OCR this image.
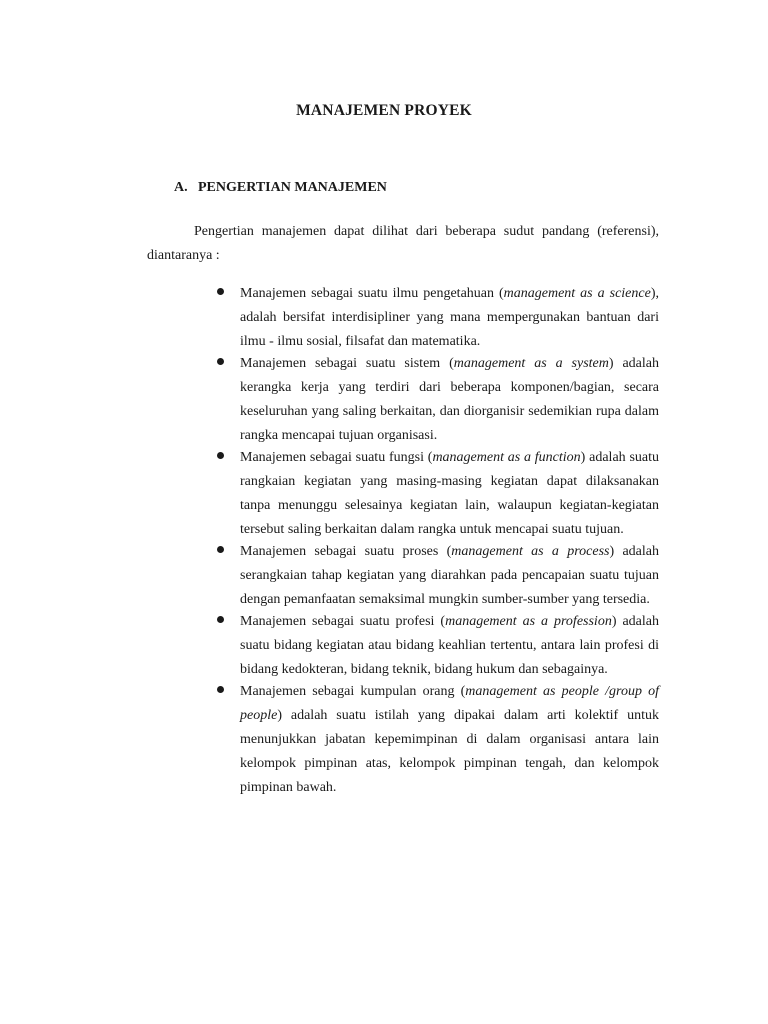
MANAJEMEN PROYEK
A. PENGERTIAN MANAJEMEN

Pengertian manajemen dapat dilihat dari beberapa sudut pandang (referensi), diantaranya :

Manajemen sebagai suatu ilmu pengetahuan (management as a science), adalah bersifat interdisipliner yang mana mempergunakan bantuan dari ilmu - ilmu sosial, filsafat dan matematika.
Manajemen sebagai suatu sistem (management as a system) adalah kerangka kerja yang terdiri dari beberapa komponen/bagian, secara keseluruhan yang saling berkaitan, dan diorganisir sedemikian rupa dalam rangka mencapai tujuan organisasi.
Manajemen sebagai suatu fungsi (management as a function) adalah suatu rangkaian kegiatan yang masing-masing kegiatan dapat dilaksanakan tanpa menunggu selesainya kegiatan lain, walaupun kegiatan-kegiatan tersebut saling berkaitan dalam rangka untuk mencapai suatu tujuan.
Manajemen sebagai suatu proses (management as a process) adalah serangkaian tahap kegiatan yang diarahkan pada pencapaian suatu tujuan dengan pemanfaatan semaksimal mungkin sumber-sumber yang tersedia.
Manajemen sebagai suatu profesi (management as a profession) adalah suatu bidang kegiatan atau bidang keahlian tertentu, antara lain profesi di bidang kedokteran, bidang teknik, bidang hukum dan sebagainya.
Manajemen sebagai kumpulan orang (management as people /group of people) adalah suatu istilah yang dipakai dalam arti kolektif untuk menunjukkan jabatan kepemimpinan di dalam organisasi antara lain kelompok pimpinan atas, kelompok pimpinan tengah, dan kelompok pimpinan bawah.
